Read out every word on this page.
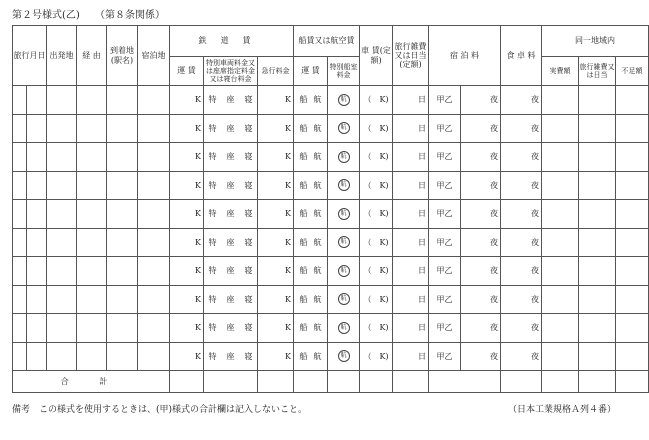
第２号様式(乙) （第８条関係）
旅行月日		出発地	経 由	到着地(駅名)	宿泊地	鉄道賃			船賃又は航空賃		車 賃(定額)	旅行雑費又は日当(定額)	宿 泊 料		食 卓 料	同一地域内		
						運 賃	特別車両料金又は座席指定料金又は寝台料金	急行料金	運 賃	特別船室料金						実費額	旅行雑費又は日当	不足額
						K	特 座 寝	K	船 航	航	（ K)	日	甲乙	夜	夜			
						K	特 座 寝	K	船 航	航	（ K)	日	甲乙	夜	夜			
						K	特 座 寝	K	船 航	航	（ K)	日	甲乙	夜	夜			
						K	特 座 寝	K	船 航	航	（ K)	日	甲乙	夜	夜			
						K	特 座 寝	K	船 航	航	（ K)	日	甲乙	夜	夜			
						K	特 座 寝	K	船 航	航	（ K)	日	甲乙	夜	夜			
						K	特 座 寝	K	船 航	航	（ K)	日	甲乙	夜	夜			
						K	特 座 寝	K	船 航	航	（ K)	日	甲乙	夜	夜			
						K	特 座 寝	K	船 航	航	（ K)	日	甲乙	夜	夜			
						K	特 座 寝	K	船 航	航	（ K)	日	甲乙	夜	夜			
合 計																		
備考　この様式を使用するときは、(甲)様式の合計欄は記入しないこと。	（日本工業規格Ａ列４番）
